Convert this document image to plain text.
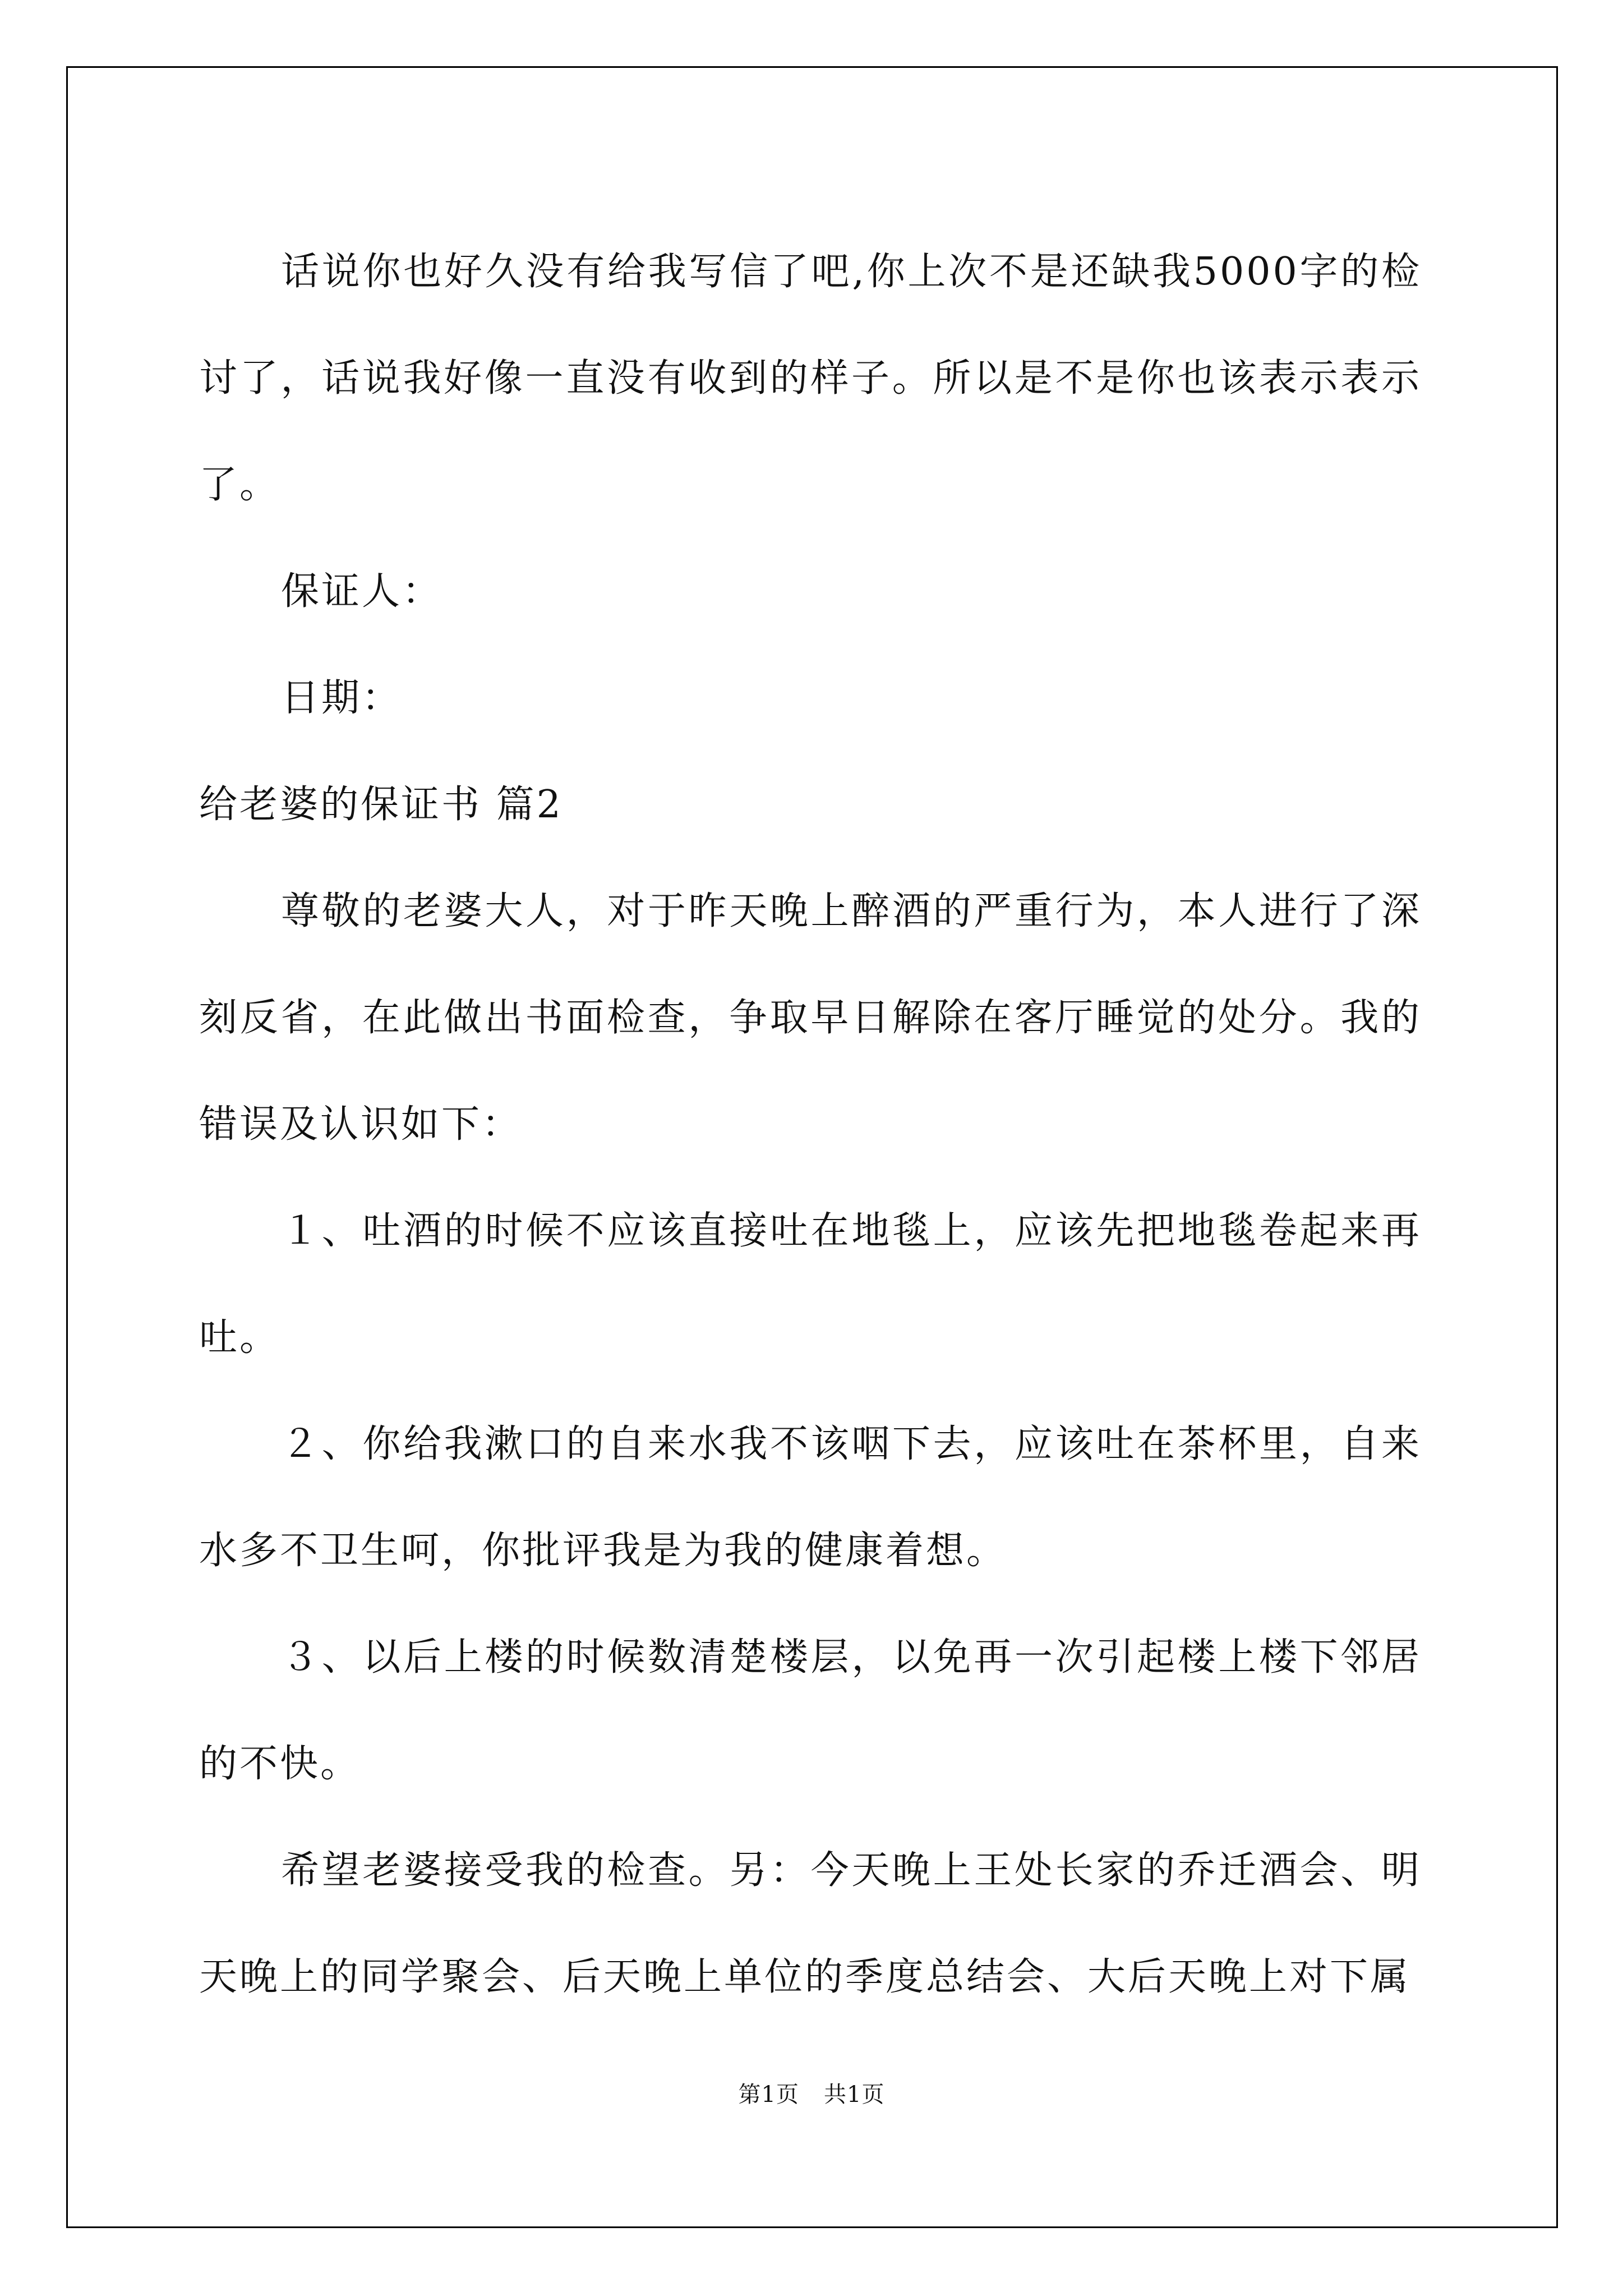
话说你也好久没有给我写信了吧,你上次不是还缺我5000字的检讨了，话说我好像一直没有收到的样子。所以是不是你也该表示表示了。

保证人：

日期：

给老婆的保证书 篇2

尊敬的老婆大人，对于昨天晚上醉酒的严重行为，本人进行了深刻反省，在此做出书面检查，争取早日解除在客厅睡觉的处分。我的错误及认识如下：

１、吐酒的时候不应该直接吐在地毯上，应该先把地毯卷起来再吐。

２、你给我漱口的自来水我不该咽下去，应该吐在茶杯里，自来水多不卫生呵，你批评我是为我的健康着想。

３、以后上楼的时候数清楚楼层，以免再一次引起楼上楼下邻居的不快。

希望老婆接受我的检查。另：今天晚上王处长家的乔迁酒会、明天晚上的同学聚会、后天晚上单位的季度总结会、大后天晚上对下属

第1页 共1页
